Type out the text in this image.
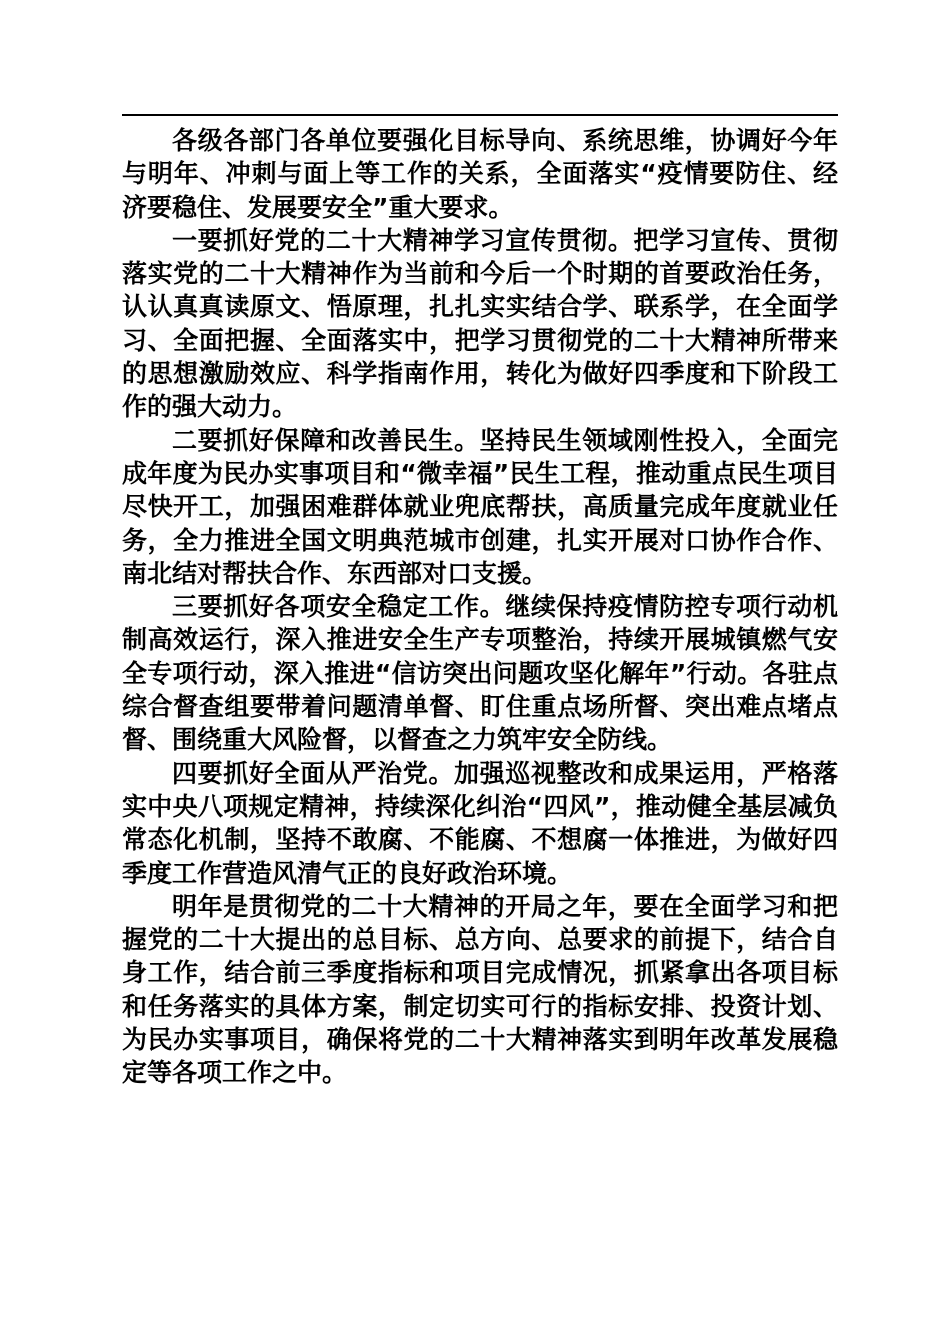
各级各部门各单位要强化目标导向、系统思维，协调好今年与明年、冲刺与面上等工作的关系，全面落实“疫情要防住、经济要稳住、发展要安全”重大要求。

一要抓好党的二十大精神学习宣传贯彻。把学习宣传、贯彻落实党的二十大精神作为当前和今后一个时期的首要政治任务，认认真真读原文、悟原理，扎扎实实结合学、联系学，在全面学习、全面把握、全面落实中，把学习贯彻党的二十大精神所带来的思想激励效应、科学指南作用，转化为做好四季度和下阶段工作的强大动力。

二要抓好保障和改善民生。坚持民生领域刚性投入，全面完成年度为民办实事项目和“微幸福”民生工程，推动重点民生项目尽快开工，加强困难群体就业兜底帮扶，高质量完成年度就业任务，全力推进全国文明典范城市创建，扎实开展对口协作合作、南北结对帮扶合作、东西部对口支援。

三要抓好各项安全稳定工作。继续保持疫情防控专项行动机制高效运行，深入推进安全生产专项整治，持续开展城镇燃气安全专项行动，深入推进“信访突出问题攻坚化解年”行动。各驻点综合督查组要带着问题清单督、盯住重点场所督、突出难点堵点督、围绕重大风险督，以督查之力筑牢安全防线。

四要抓好全面从严治党。加强巡视整改和成果运用，严格落实中央八项规定精神，持续深化纠治“四风”，推动健全基层减负常态化机制，坚持不敢腐、不能腐、不想腐一体推进，为做好四季度工作营造风清气正的良好政治环境。

明年是贯彻党的二十大精神的开局之年，要在全面学习和把握党的二十大提出的总目标、总方向、总要求的前提下，结合自身工作，结合前三季度指标和项目完成情况，抓紧拿出各项目标和任务落实的具体方案，制定切实可行的指标安排、投资计划、为民办实事项目，确保将党的二十大精神落实到明年改革发展稳定等各项工作之中。
